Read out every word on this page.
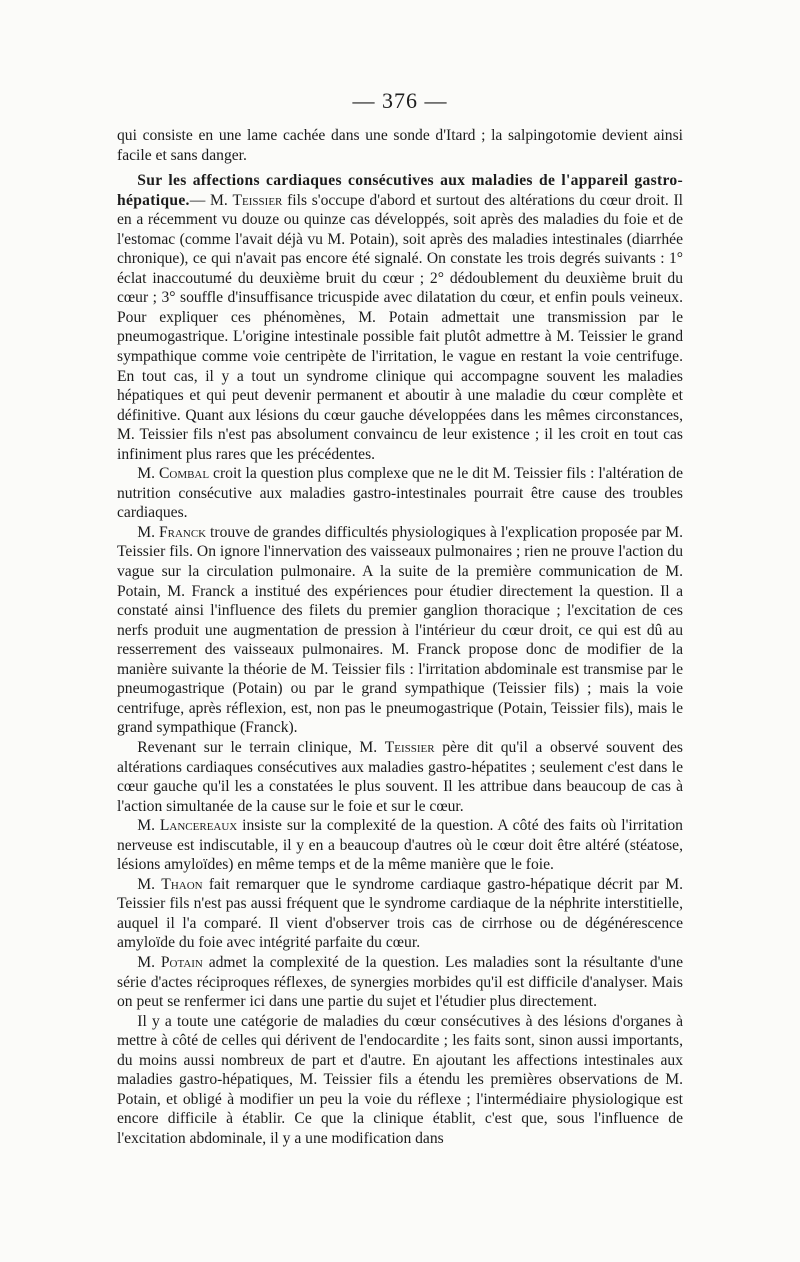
— 376 —

qui consiste en une lame cachée dans une sonde d'Itard ; la salpingotomie devient ainsi facile et sans danger.

Sur les affections cardiaques consécutives aux maladies de l'appareil gastro-hépatique.— M. Teissier fils s'occupe d'abord et surtout des altérations du cœur droit. Il en a récemment vu douze ou quinze cas développés, soit après des maladies du foie et de l'estomac (comme l'avait déjà vu M. Potain), soit après des maladies intestinales (diarrhée chronique), ce qui n'avait pas encore été signalé. On constate les trois degrés suivants : 1° éclat inaccoutumé du deuxième bruit du cœur ; 2° dédoublement du deuxième bruit du cœur ; 3° souffle d'insuffisance tricuspide avec dilatation du cœur, et enfin pouls veineux. Pour expliquer ces phénomènes, M. Potain admettait une transmission par le pneumogastrique. L'origine intestinale possible fait plutôt admettre à M. Teissier le grand sympathique comme voie centripète de l'irritation, le vague en restant la voie centrifuge. En tout cas, il y a tout un syndrome clinique qui accompagne souvent les maladies hépatiques et qui peut devenir permanent et aboutir à une maladie du cœur complète et définitive. Quant aux lésions du cœur gauche développées dans les mêmes circonstances, M. Teissier fils n'est pas absolument convaincu de leur existence ; il les croit en tout cas infiniment plus rares que les précédentes.

M. Combal croit la question plus complexe que ne le dit M. Teissier fils : l'altération de nutrition consécutive aux maladies gastro-intestinales pourrait être cause des troubles cardiaques.

M. Franck trouve de grandes difficultés physiologiques à l'explication proposée par M. Teissier fils. On ignore l'innervation des vaisseaux pulmonaires ; rien ne prouve l'action du vague sur la circulation pulmonaire. A la suite de la première communication de M. Potain, M. Franck a institué des expériences pour étudier directement la question. Il a constaté ainsi l'influence des filets du premier ganglion thoracique ; l'excitation de ces nerfs produit une augmentation de pression à l'intérieur du cœur droit, ce qui est dû au resserrement des vaisseaux pulmonaires. M. Franck propose donc de modifier de la manière suivante la théorie de M. Teissier fils : l'irritation abdominale est transmise par le pneumogastrique (Potain) ou par le grand sympathique (Teissier fils) ; mais la voie centrifuge, après réflexion, est, non pas le pneumogastrique (Potain, Teissier fils), mais le grand sympathique (Franck).

Revenant sur le terrain clinique, M. Teissier père dit qu'il a observé souvent des altérations cardiaques consécutives aux maladies gastro-hépatites ; seulement c'est dans le cœur gauche qu'il les a constatées le plus souvent. Il les attribue dans beaucoup de cas à l'action simultanée de la cause sur le foie et sur le cœur.

M. Lancereaux insiste sur la complexité de la question. A côté des faits où l'irritation nerveuse est indiscutable, il y en a beaucoup d'autres où le cœur doit être altéré (stéatose, lésions amyloïdes) en même temps et de la même manière que le foie.

M. Thaon fait remarquer que le syndrome cardiaque gastro-hépatique décrit par M. Teissier fils n'est pas aussi fréquent que le syndrome cardiaque de la néphrite interstitielle, auquel il l'a comparé. Il vient d'observer trois cas de cirrhose ou de dégénérescence amyloïde du foie avec intégrité parfaite du cœur.

M. Potain admet la complexité de la question. Les maladies sont la résultante d'une série d'actes réciproques réflexes, de synergies morbides qu'il est difficile d'analyser. Mais on peut se renfermer ici dans une partie du sujet et l'étudier plus directement.

Il y a toute une catégorie de maladies du cœur consécutives à des lésions d'organes à mettre à côté de celles qui dérivent de l'endocardite ; les faits sont, sinon aussi importants, du moins aussi nombreux de part et d'autre. En ajoutant les affections intestinales aux maladies gastro-hépatiques, M. Teissier fils a étendu les premières observations de M. Potain, et obligé à modifier un peu la voie du réflexe ; l'intermédiaire physiologique est encore difficile à établir. Ce que la clinique établit, c'est que, sous l'influence de l'excitation abdominale, il y a une modification dans
